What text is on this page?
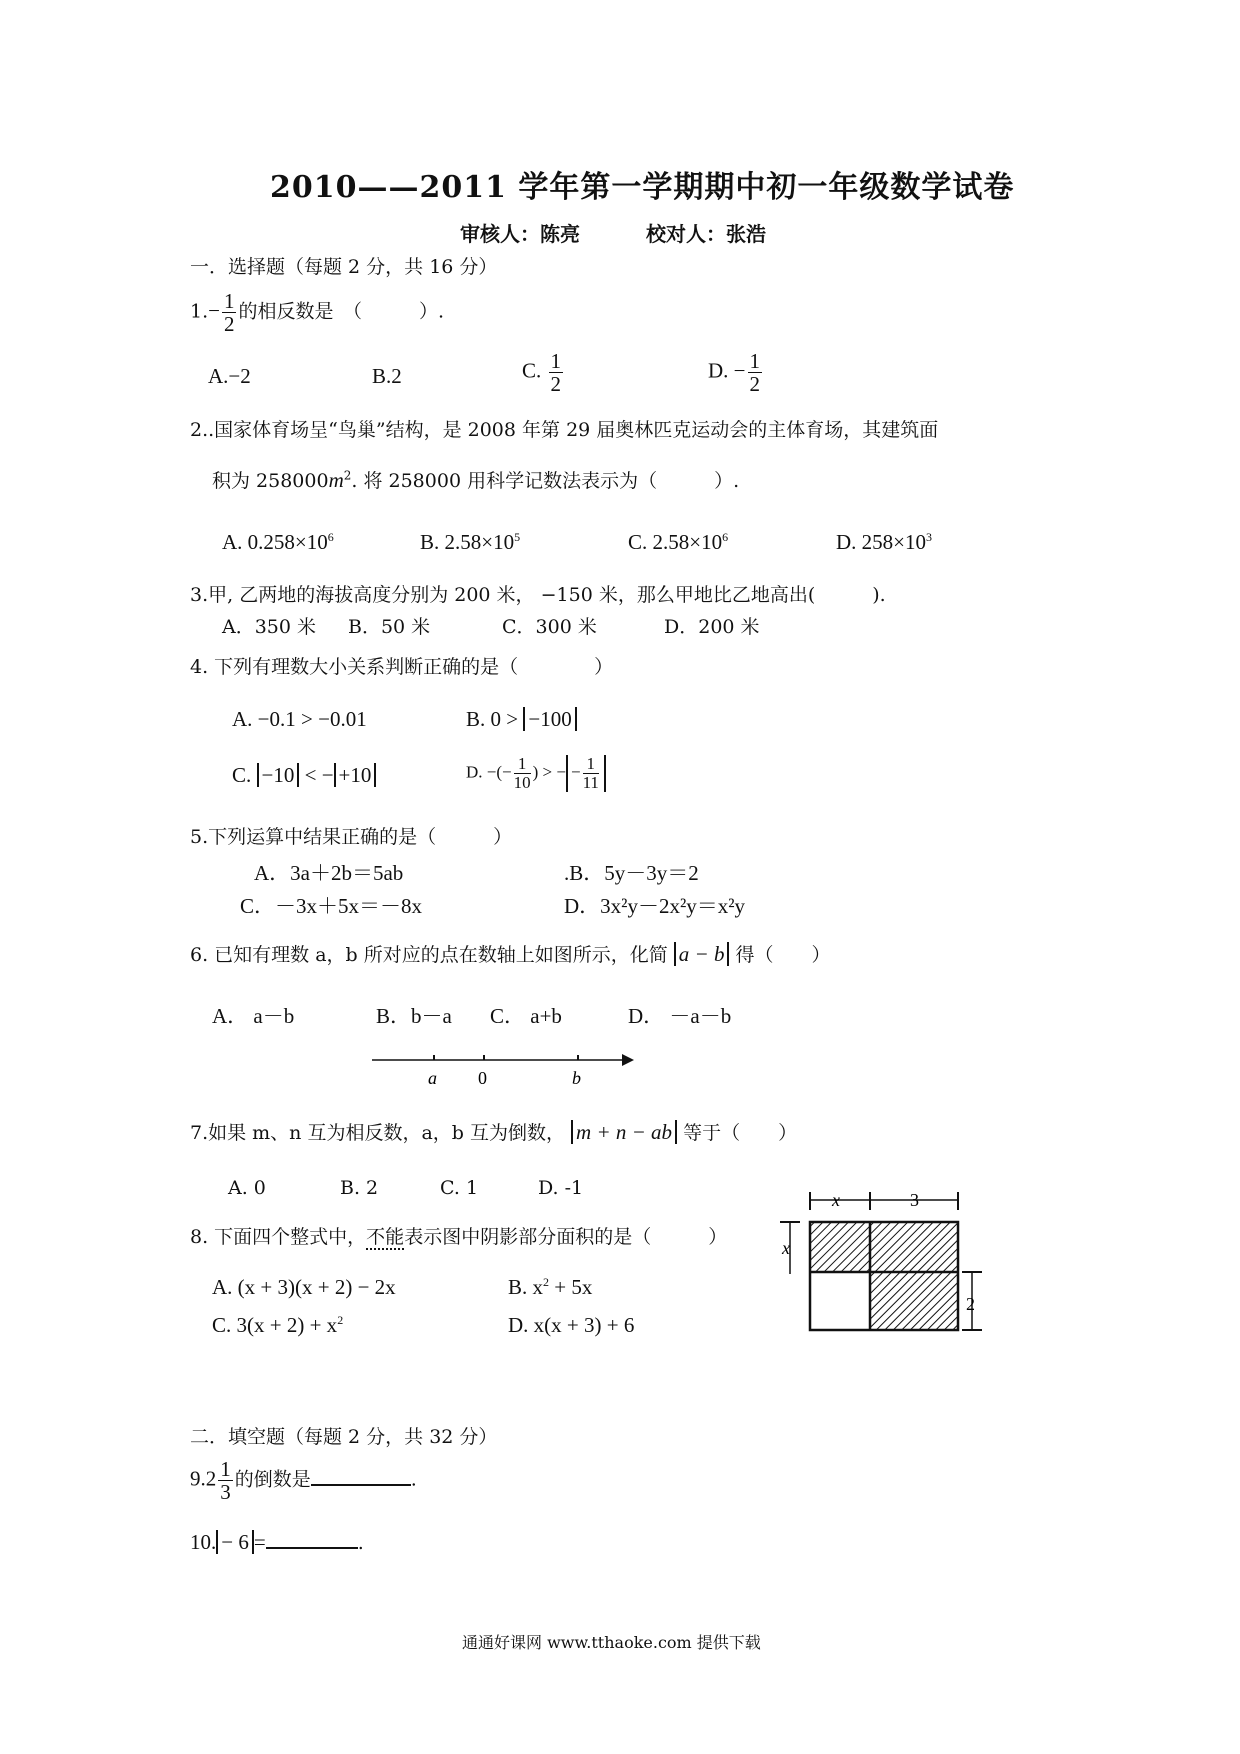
2010——2011 学年第一学期期中初一年级数学试卷
审核人：陈亮	校对人：张浩
一．选择题（每题 2 分，共 16 分）
$1.- \frac{1}{2}$ 的相反数是　（　　　）.
A.−2	B.2	C. $\frac{1}{2}$	D. − $\frac{1}{2}$
2..国家体育场呈“鸟巢”结构，是 2008 年第 29 届奥林匹克运动会的主体育场，其建筑面
积为 $258000m^2$. 将 258000 用科学记数法表示为（　　　）.
A. $0.258\times 10^6$	B. $2.58\times 10^5$	C. $2.58\times 10^6$	D. $258\times 10^3$
3.甲, 乙两地的海拔高度分别为 200 米， −150 米，那么甲地比乙地高出(　　　).
A．350 米 B．50 米	C．300 米	D．200 米
4. 下列有理数大小关系判断正确的是（　　　　）
A. −0.1 > −0.01	B. 0 > −100
C. −10 < − +10	D. −(− $\frac{1}{10}$ ) > − − $\frac{1}{11}$
5.下列运算中结果正确的是（　　　）
A．3a＋2b＝5ab	.B．5y－3y＝2
C．－3x＋5x＝－8x	D．3x²y－2x²y＝x²y
6. 已知有理数 a，b 所对应的点在数轴上如图所示，化简 a − b 得（　　）
A． a－b	B．b－a C． a+b	D． －a－b
a 0	b
7.如果 m、n 互为相反数，a，b 互为倒数， m + n − ab 等于（　　）
A. 0	B. 2	C. 1	D. -1
8. 下面四个整式中，不能表示图中阴影部分面积的是（　　　）
A. (x + 3)(x + 2) − 2x	B. $x^2 + 5x$
C. $3(x + 2) + x^2$	D. x(x + 3) + 6
x	3
x
2
二．填空题（每题 2 分，共 32 分）
$9.2 \frac{1}{3}$ 的倒数是	.
10. − 6 =	.
通通好课网 www.tthaoke.com 提供下载
